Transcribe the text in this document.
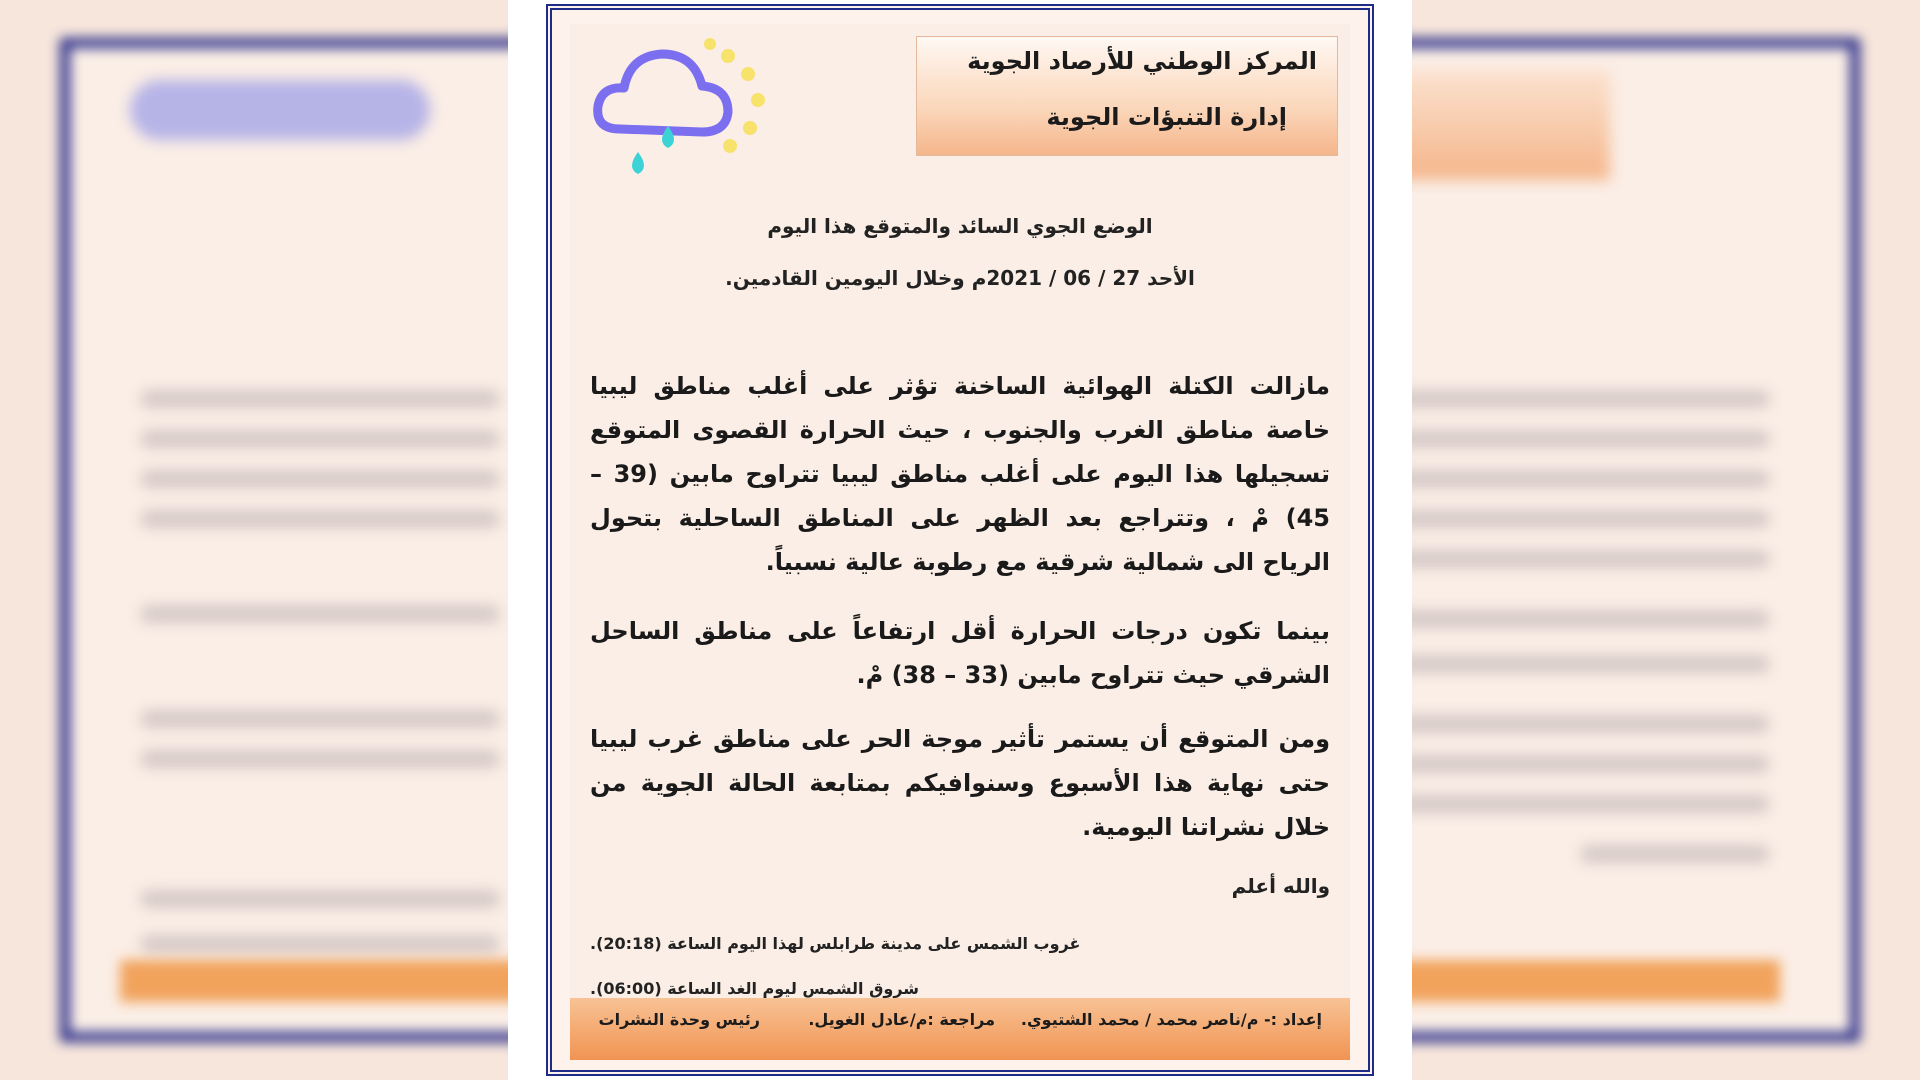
المركز الوطني للأرصاد الجوية
إدارة التنبؤات الجوية
الوضع الجوي السائد والمتوقع هذا اليوم
الأحد 27 / 06 / 2021م وخلال اليومين القادمين.
مازالت الكتلة الهوائية الساخنة تؤثر على أغلب مناطق ليبيا خاصة مناطق الغرب والجنوب ، حيث الحرارة القصوى المتوقع تسجيلها هذا اليوم على أغلب مناطق ليبيا تتراوح مابين (39 – 45) مْ ، وتتراجع بعد الظهر على المناطق الساحلية بتحول الرياح الى شمالية شرقية مع رطوبة عالية نسبياً.
بينما تكون درجات الحرارة أقل ارتفاعاً على مناطق الساحل الشرقي حيث تتراوح مابين (33 – 38) مْ.
ومن المتوقع أن يستمر تأثير موجة الحر على مناطق غرب ليبيا حتى نهاية هذا الأسبوع وسنوافيكم بمتابعة الحالة الجوية من خلال نشراتنا اليومية.
والله أعلم
غروب الشمس على مدينة طرابلس لهذا اليوم الساعة (20:18).
شروق الشمس ليوم الغد الساعة (06:00).
إعداد :- م/ناصر محمد / محمد الشتيوي.
مراجعة :م/عادل الغويل.
رئيس وحدة النشرات
